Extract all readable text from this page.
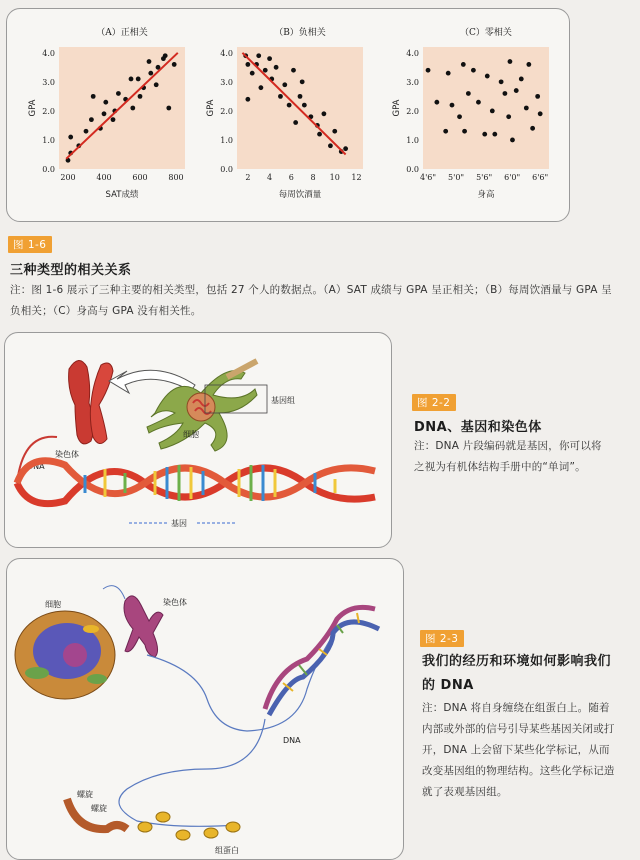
（A）正相关
0.0
1.0
2.0
3.0
4.0
200	400	600	800
GPA
SAT成绩
（B）负相关
0.0
1.0
2.0
3.0
4.0
2 4 6 8 10 12
GPA
每周饮酒量
（C）零相关
0.0
1.0
2.0
3.0
4.0
4'6" 5'0" 5'6" 6'0" 6'6"
GPA
身高
图 1-6
三种类型的相关关系
注：图 1-6 展示了三种主要的相关类型，包括 27 个人的数据点。（A）SAT 成绩与 GPA 呈正相关；（B）每周饮酒量与 GPA 呈
负相关；（C）身高与 GPA 没有相关性。
基因组
细胞
染色体
DNA
基因
图 2-2
DNA、基因和染色体
注：DNA 片段编码就是基因，你可以将
之视为有机体结构手册中的“单词”。
细胞	染色体
DNA
螺旋
螺旋
组蛋白
图 2-3
我们的经历和环境如何影响我们
的 DNA
注：DNA 将自身缠绕在组蛋白上。随着
内部或外部的信号引导某些基因关闭或打
开，DNA 上会留下某些化学标记，从而
改变基因组的物理结构。这些化学标记造
就了表观基因组。
